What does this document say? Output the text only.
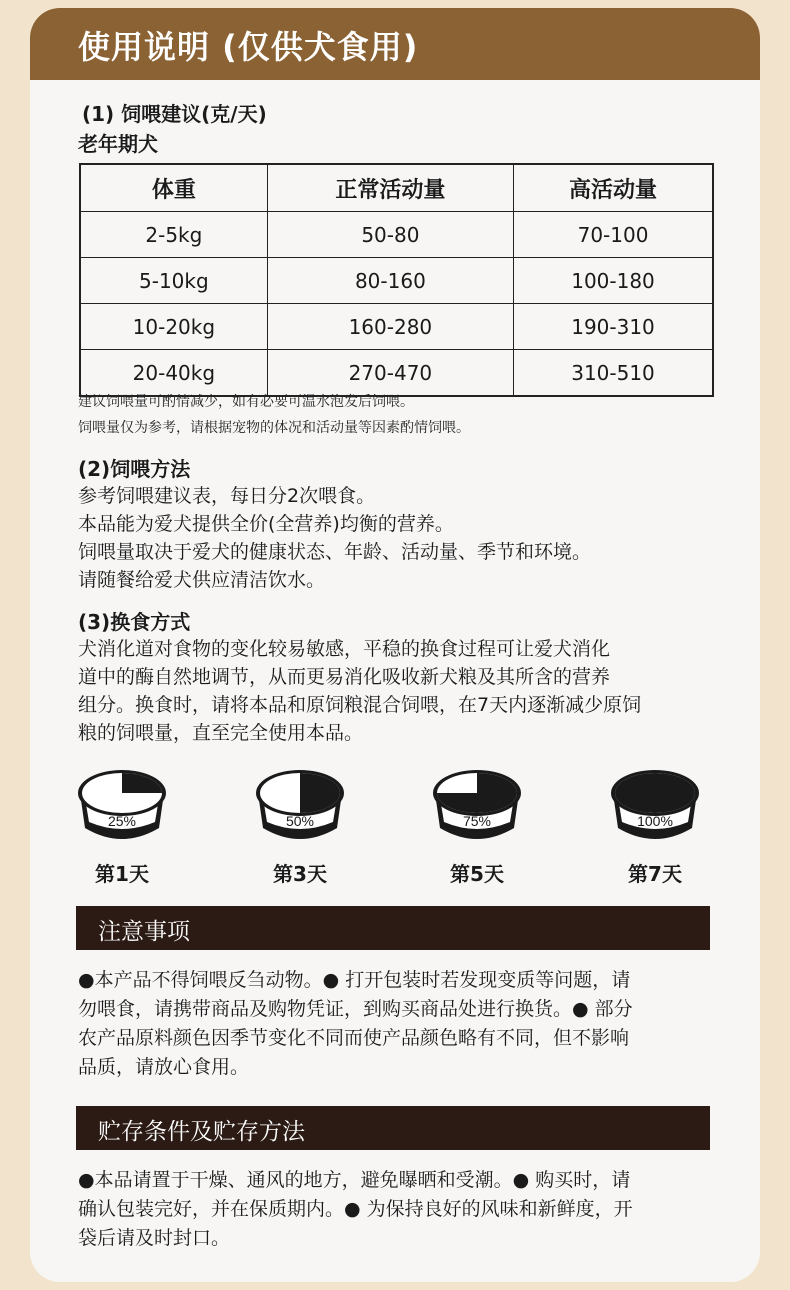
使用说明 (仅供犬食用)
(1) 饲喂建议(克/天)
老年期犬
体重	正常活动量	高活动量
2-5kg	50-80	70-100
5-10kg	80-160	100-180
10-20kg	160-280	190-310
20-40kg	270-470	310-510
建议饲喂量可酌情减少，如有必要可温水泡发后饲喂。
饲喂量仅为参考，请根据宠物的体况和活动量等因素酌情饲喂。
(2)饲喂方法
参考饲喂建议表，每日分2次喂食。
本品能为爱犬提供全价(全营养)均衡的营养。
饲喂量取决于爱犬的健康状态、年龄、活动量、季节和环境。
请随餐给爱犬供应清洁饮水。
(3)换食方式
犬消化道对食物的变化较易敏感，平稳的换食过程可让爱犬消化
道中的酶自然地调节，从而更易消化吸收新犬粮及其所含的营养
组分。换食时，请将本品和原饲粮混合饲喂，在7天内逐渐减少原饲
粮的饲喂量，直至完全使用本品。
25%	50%	75%	100%
第1天	第3天	第5天	第7天
注意事项
●本产品不得饲喂反刍动物。● 打开包装时若发现变质等问题，请
勿喂食，请携带商品及购物凭证，到购买商品处进行换货。● 部分
农产品原料颜色因季节变化不同而使产品颜色略有不同，但不影响
品质，请放心食用。
贮存条件及贮存方法
●本品请置于干燥、通风的地方，避免曝晒和受潮。● 购买时，请
确认包装完好，并在保质期内。● 为保持良好的风味和新鲜度，开
袋后请及时封口。
